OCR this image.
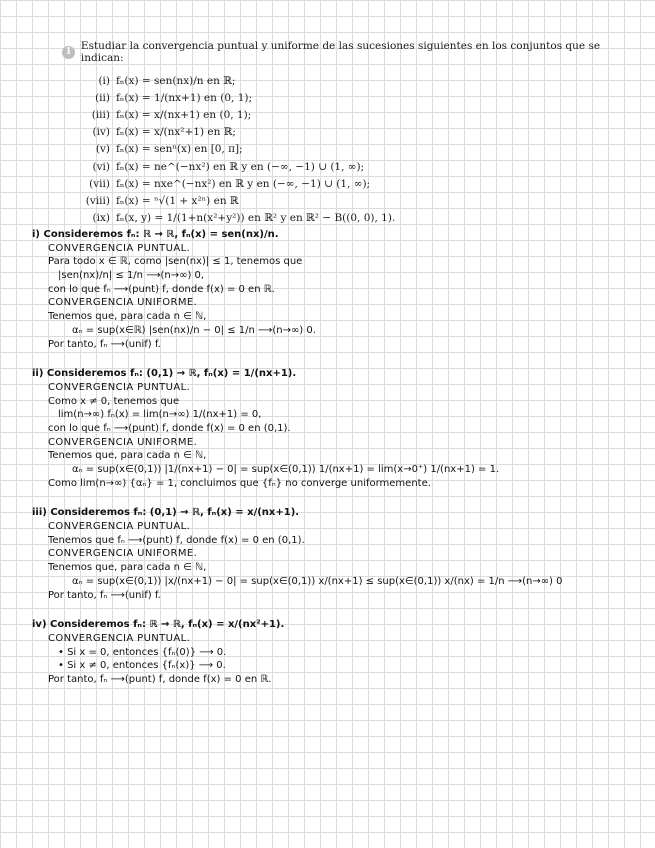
1 Estudiar la convergencia puntual y uniforme de las sucesiones siguientes en los conjuntos que se indican:
(i) fₙ(x) = sen(nx)/n en ℝ;
(ii) fₙ(x) = 1/(nx+1) en (0, 1);
(iii) fₙ(x) = x/(nx+1) en (0, 1);
(iv) fₙ(x) = x/(nx²+1) en ℝ;
(v) fₙ(x) = senⁿ(x) en [0, π];
(vi) fₙ(x) = ne^(−nx²) en ℝ y en (−∞, −1) ∪ (1, ∞);
(vii) fₙ(x) = nxe^(−nx²) en ℝ y en (−∞, −1) ∪ (1, ∞);
(viii) fₙ(x) = ⁿ√(1 + x²ⁿ) en ℝ
(ix) fₙ(x, y) = 1/(1+n(x²+y²)) en ℝ² y en ℝ² − B((0, 0), 1).
i) Consideremos fₙ: ℝ → ℝ, fₙ(x) = sen(nx)/n.
CONVERGENCIA PUNTUAL.
Para todo x ∈ ℝ, como |sen(nx)| ≤ 1, tenemos que
|sen(nx)/n| ≤ 1/n ⟶(n→∞) 0,
con lo que fₙ ⟶(punt) f, donde f(x) = 0 en ℝ.
CONVERGENCIA UNIFORME.
Tenemos que, para cada n ∈ ℕ,
αₙ = sup(x∈ℝ) |sen(nx)/n − 0| ≤ 1/n ⟶(n→∞) 0.
Por tanto, fₙ ⟶(unif) f.
ii) Consideremos fₙ: (0,1) → ℝ, fₙ(x) = 1/(nx+1).
CONVERGENCIA PUNTUAL.
Como x ≠ 0, tenemos que
lim(n→∞) fₙ(x) = lim(n→∞) 1/(nx+1) = 0,
con lo que fₙ ⟶(punt) f, donde f(x) = 0 en (0,1).
CONVERGENCIA UNIFORME.
Tenemos que, para cada n ∈ ℕ,
αₙ = sup(x∈(0,1)) |1/(nx+1) − 0| = sup(x∈(0,1)) 1/(nx+1) = lim(x→0⁺) 1/(nx+1) = 1.
Como lim(n→∞) {αₙ} = 1, concluimos que {fₙ} no converge uniformemente.
iii) Consideremos fₙ: (0,1) → ℝ, fₙ(x) = x/(nx+1).
CONVERGENCIA PUNTUAL.
Tenemos que fₙ ⟶(punt) f, donde f(x) = 0 en (0,1).
CONVERGENCIA UNIFORME.
Tenemos que, para cada n ∈ ℕ,
αₙ = sup(x∈(0,1)) |x/(nx+1) − 0| = sup(x∈(0,1)) x/(nx+1) ≤ sup(x∈(0,1)) x/(nx) = 1/n ⟶(n→∞) 0
Por tanto, fₙ ⟶(unif) f.
iv) Consideremos fₙ: ℝ → ℝ, fₙ(x) = x/(nx²+1).
CONVERGENCIA PUNTUAL.
• Si x = 0, entonces {fₙ(0)} ⟶ 0.
• Si x ≠ 0, entonces {fₙ(x)} ⟶ 0.
Por tanto, fₙ ⟶(punt) f, donde f(x) = 0 en ℝ.
